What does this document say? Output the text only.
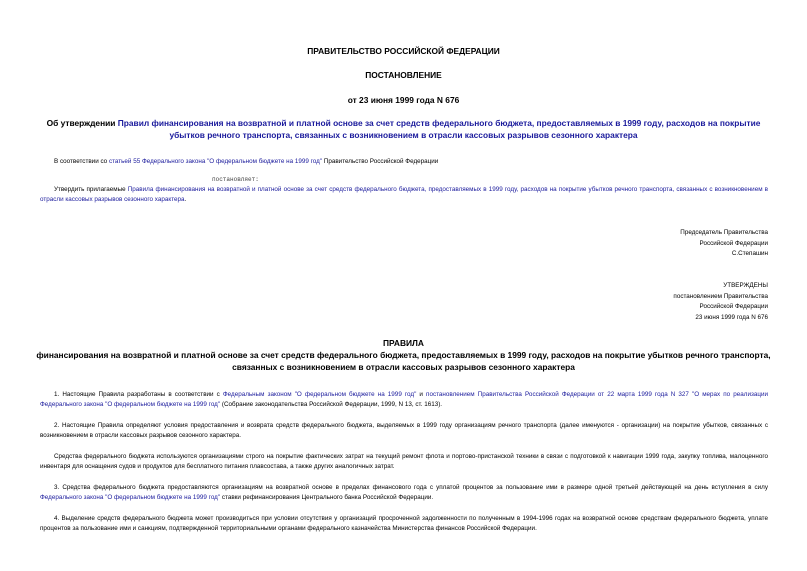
ПРАВИТЕЛЬСТВО РОССИЙСКОЙ ФЕДЕРАЦИИ
ПОСТАНОВЛЕНИЕ
от 23 июня 1999 года N 676
Об утверждении Правил финансирования на возвратной и платной основе за счет средств федерального бюджета, предоставляемых в 1999 году, расходов на покрытие убытков речного транспорта, связанных с возникновением в отрасли кассовых разрывов сезонного характера
В соответствии со статьей 55 Федерального закона "О федеральном бюджете на 1999 год" Правительство Российской Федерации
постановляет:
Утвердить прилагаемые Правила финансирования на возвратной и платной основе за счет средств федерального бюджета, предоставляемых в 1999 году, расходов на покрытие убытков речного транспорта, связанных с возникновением в отрасли кассовых разрывов сезонного характера.
Председатель Правительства
Российской Федерации
С.Степашин
УТВЕРЖДЕНЫ
постановлением Правительства
Российской Федерации
23 июня 1999 года N 676
ПРАВИЛА
финансирования на возвратной и платной основе за счет средств федерального бюджета, предоставляемых в 1999 году, расходов на покрытие убытков речного транспорта, связанных с возникновением в отрасли кассовых разрывов сезонного характера
1. Настоящие Правила разработаны в соответствии с Федеральным законом "О федеральном бюджете на 1999 год" и постановлением Правительства Российской Федерации от 22 марта 1999 года N 327 "О мерах по реализации Федерального закона "О федеральном бюджете на 1999 год" (Собрание законодательства Российской Федерации, 1999, N 13, ст. 1613).
2. Настоящие Правила определяют условия предоставления и возврата средств федерального бюджета, выделяемых в 1999 году организациям речного транспорта (далее именуются - организации) на покрытие убытков, связанных с возникновением в отрасли кассовых разрывов сезонного характера.
Средства федерального бюджета используются организациями строго на покрытие фактических затрат на текущий ремонт флота и портово-пристанской техники в связи с подготовкой к навигации 1999 года, закупку топлива, малоценного инвентаря для оснащения судов и продуктов для бесплатного питания плавсостава, а также других аналогичных затрат.
3. Средства федерального бюджета предоставляются организациям на возвратной основе в пределах финансового года с уплатой процентов за пользование ими в размере одной третьей действующей на день вступления в силу Федерального закона "О федеральном бюджете на 1999 год" ставки рефинансирования Центрального банка Российской Федерации.
4. Выделение средств федерального бюджета может производиться при условии отсутствия у организаций просроченной задолженности по полученным в 1994-1996 годах на возвратной основе средствам федерального бюджета, уплате процентов за пользование ими и санкциям, подтвержденной территориальными органами федерального казначейства Министерства финансов Российской Федерации.
